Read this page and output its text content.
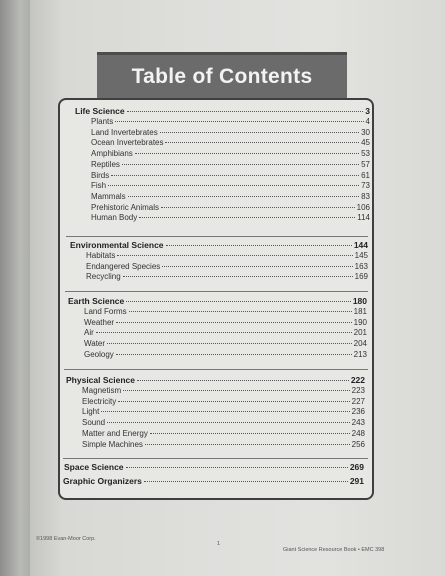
Table of Contents
Life Science	3
Plants	4
Land Invertebrates	30
Ocean Invertebrates	45
Amphibians	53
Reptiles	57
Birds	61
Fish	73
Mammals	83
Prehistoric Animals	106
Human Body	114
Environmental Science	144
Habitats	145
Endangered Species	163
Recycling	169
Earth Science	180
Land Forms	181
Weather	190
Air	201
Water	204
Geology	213
Physical Science	222
Magnetism	223
Electricity	227
Light	236
Sound	243
Matter and Energy	248
Simple Machines	256
Space Science	269
Graphic Organizers	291
©1998 Evan-Moor Corp.
1
Giant Science Resource Book • EMC 398
